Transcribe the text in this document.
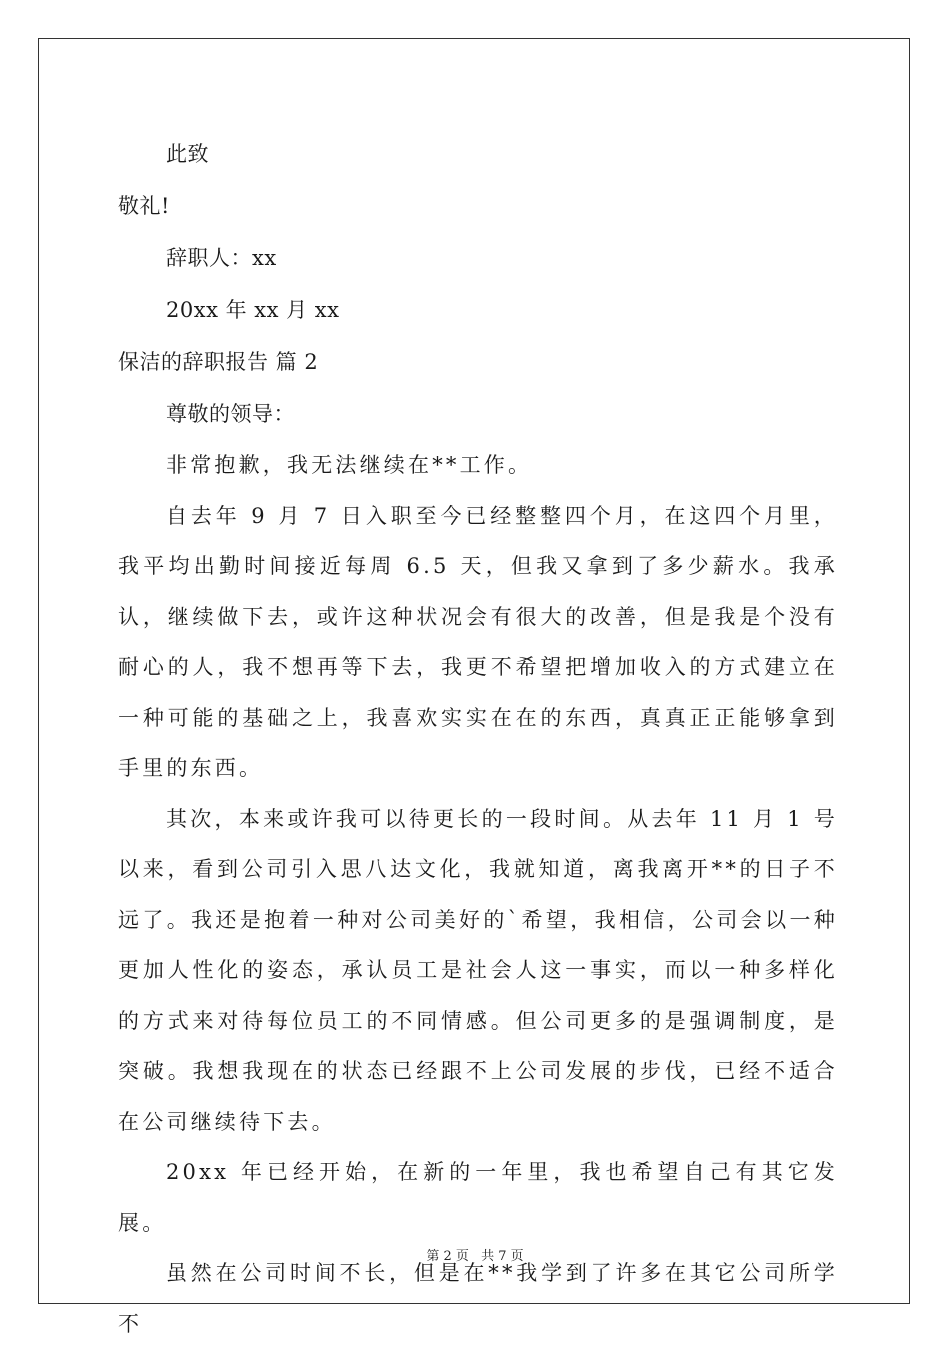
此致
敬礼!
辞职人：xx
20xx 年 xx 月 xx
保洁的辞职报告 篇 2
尊敬的领导：

非常抱歉，我无法继续在**工作。

自去年 9 月 7 日入职至今已经整整四个月，在这四个月里，我平均出勤时间接近每周 6.5 天，但我又拿到了多少薪水。我承认，继续做下去，或许这种状况会有很大的改善，但是我是个没有耐心的人，我不想再等下去，我更不希望把增加收入的方式建立在一种可能的基础之上，我喜欢实实在在的东西，真真正正能够拿到手里的东西。

其次，本来或许我可以待更长的一段时间。从去年 11 月 1 号以来，看到公司引入思八达文化，我就知道，离我离开**的日子不远了。我还是抱着一种对公司美好的`希望，我相信，公司会以一种更加人性化的姿态，承认员工是社会人这一事实，而以一种多样化的方式来对待每位员工的不同情感。但公司更多的是强调制度，是突破。我想我现在的状态已经跟不上公司发展的步伐，已经不适合在公司继续待下去。

20xx 年已经开始，在新的一年里，我也希望自己有其它发展。

虽然在公司时间不长，但是在**我学到了许多在其它公司所学不

第 2 页 共 7 页
